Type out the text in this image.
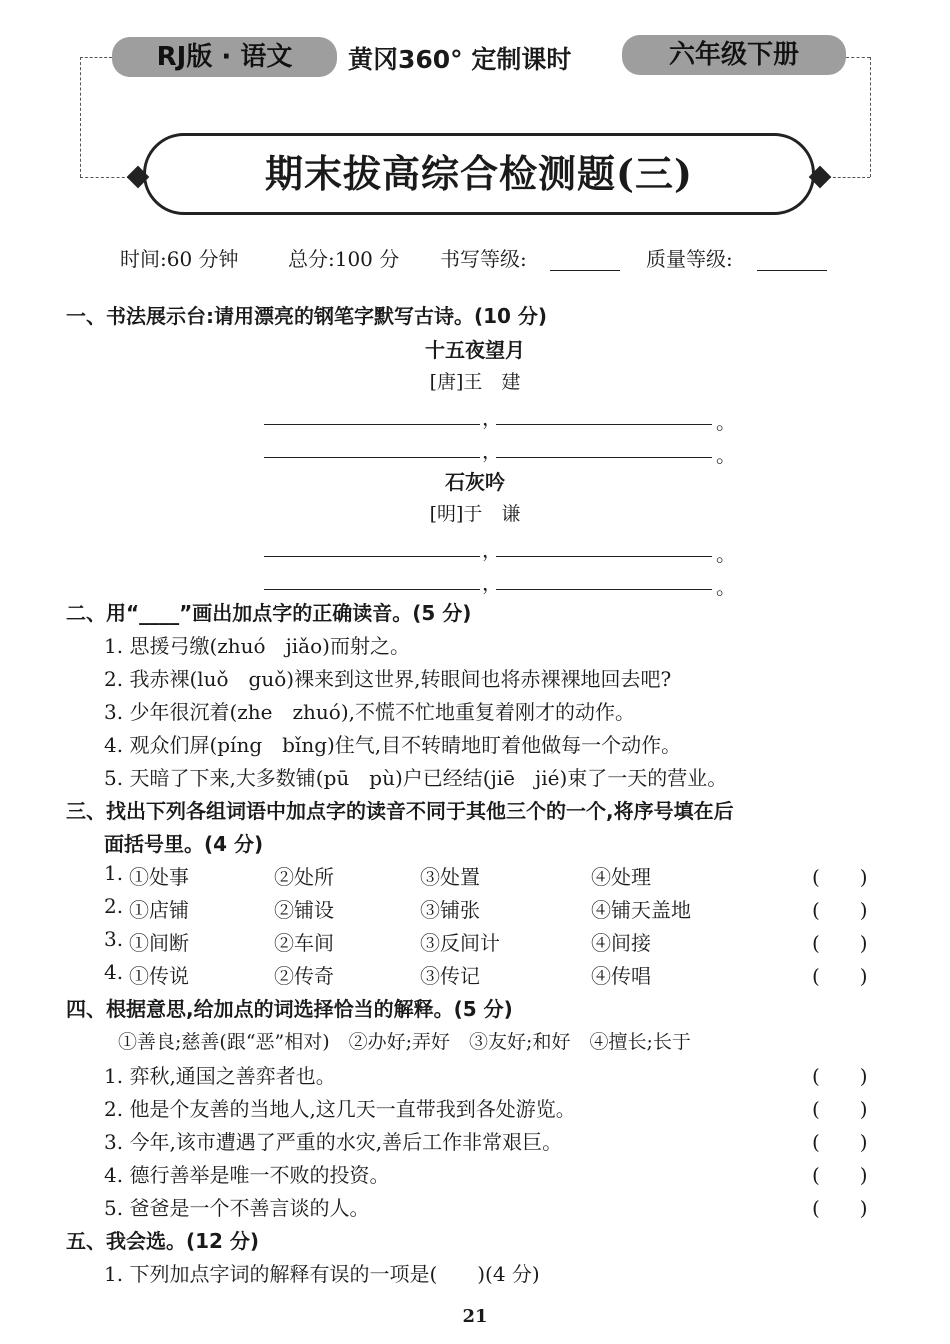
RJ版 · 语文	黄冈360° 定制课时	六年级下册
期末拔高综合检测题(三)
时间:60 分钟 总分:100 分 书写等级:	质量等级:
一、书法展示台:请用漂亮的钢笔字默写古诗。(10 分)
十五夜望月
[唐]王　建
，	。
，	。
石灰吟
[明]于　谦
，	。
，	。
二、用“____”画出加点字的正确读音。(5 分)
1. 思援弓缴(zhuó　jiǎo)而射之。
2. 我赤裸(luǒ　guǒ)裸来到这世界,转眼间也将赤裸裸地回去吧?
3. 少年很沉着(zhe　zhuó),不慌不忙地重复着刚才的动作。
4. 观众们屏(píng　bǐng)住气,目不转睛地盯着他做每一个动作。
5. 天暗了下来,大多数铺(pū　pù)户已经结(jiē　jié)束了一天的营业。
三、找出下列各组词语中加点字的读音不同于其他三个的一个,将序号填在后
面括号里。(4 分)
1. ①处事	②处所	③处置	④处理	(　　)
2. ①店铺	②铺设	③铺张	④铺天盖地	(　　)
3. ①间断	②车间	③反间计	④间接	(　　)
4. ①传说	②传奇	③传记	④传唱	(　　)
四、根据意思,给加点的词选择恰当的解释。(5 分)
①善良;慈善(跟“恶”相对)　②办好;弄好　③友好;和好　④擅长;长于
1. 弈秋,通国之善弈者也。	(　　)
2. 他是个友善的当地人,这几天一直带我到各处游览。	(　　)
3. 今年,该市遭遇了严重的水灾,善后工作非常艰巨。	(　　)
4. 德行善举是唯一不败的投资。	(　　)
5. 爸爸是一个不善言谈的人。	(　　)
五、我会选。(12 分)
1. 下列加点字词的解释有误的一项是(　　)(4 分)
21
